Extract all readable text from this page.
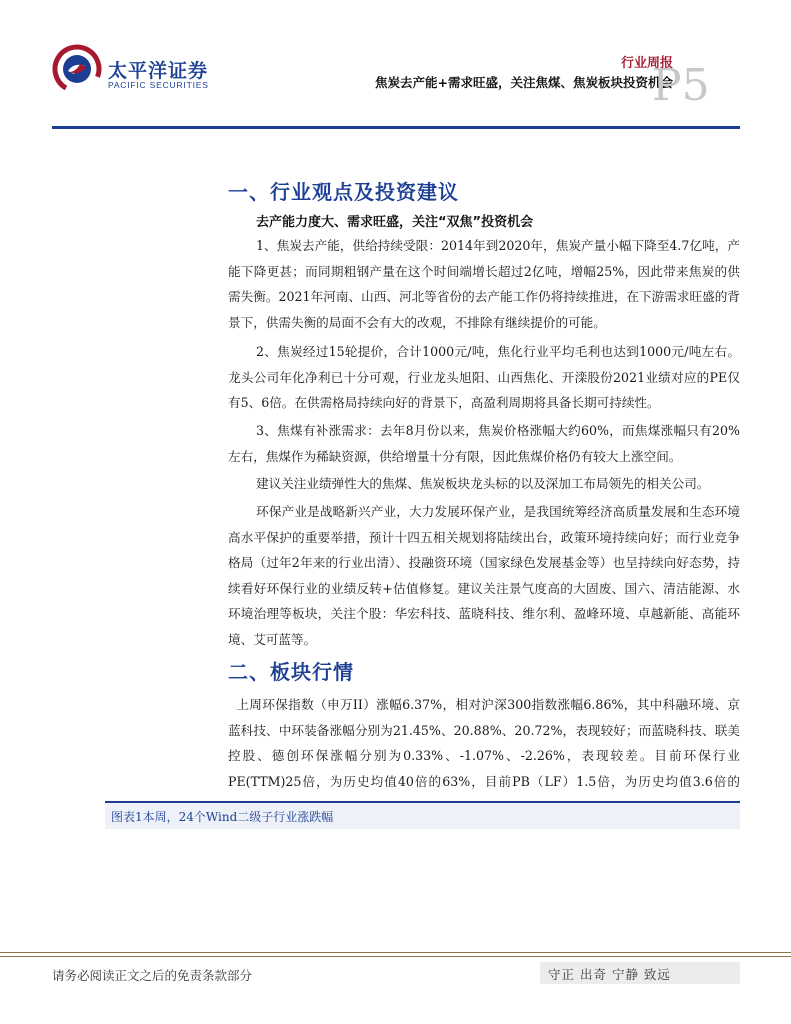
太平洋证券
PACIFIC SECURITIES
行业周报
焦炭去产能+需求旺盛，关注焦煤、焦炭板块投资机会
P5
一、行业观点及投资建议
去产能力度大、需求旺盛，关注“双焦”投资机会
1、焦炭去产能，供给持续受限：2014年到2020年，焦炭产量小幅下降至4.7亿吨，产能下降更甚；而同期粗钢产量在这个时间端增长超过2亿吨，增幅25%，因此带来焦炭的供需失衡。2021年河南、山西、河北等省份的去产能工作仍将持续推进，在下游需求旺盛的背景下，供需失衡的局面不会有大的改观，不排除有继续提价的可能。
2、焦炭经过15轮提价，合计1000元/吨，焦化行业平均毛利也达到1000元/吨左右。龙头公司年化净利已十分可观，行业龙头旭阳、山西焦化、开滦股份2021业绩对应的PE仅有5、6倍。在供需格局持续向好的背景下，高盈利周期将具备长期可持续性。
3、焦煤有补涨需求：去年8月份以来，焦炭价格涨幅大约60%，而焦煤涨幅只有20%左右，焦煤作为稀缺资源，供给增量十分有限，因此焦煤价格仍有较大上涨空间。
建议关注业绩弹性大的焦煤、焦炭板块龙头标的以及深加工布局领先的相关公司。
环保产业是战略新兴产业，大力发展环保产业，是我国统筹经济高质量发展和生态环境高水平保护的重要举措，预计十四五相关规划将陆续出台，政策环境持续向好；而行业竞争格局（过年2年来的行业出清）、投融资环境（国家绿色发展基金等）也呈持续向好态势，持续看好环保行业的业绩反转+估值修复。建议关注景气度高的大固废、国六、清洁能源、水环境治理等板块，关注个股：华宏科技、蓝晓科技、维尔利、盈峰环境、卓越新能、高能环境、艾可蓝等。
二、板块行情
上周环保指数（申万II）涨幅6.37%，相对沪深300指数涨幅6.86%，其中科融环境、京蓝科技、中环装备涨幅分别为21.45%、20.88%、20.72%，表现较好；而蓝晓科技、联美控股、德创环保涨幅分别为0.33%、-1.07%、-2.26%，表现较差。目前环保行业PE(TTM)25倍，为历史均值40倍的63%，目前PB（LF）1.5倍，为历史均值3.6倍的
图表1本周，24个Wind二级子行业涨跌幅
请务必阅读正文之后的免责条款部分	守正 出奇 宁静 致远
